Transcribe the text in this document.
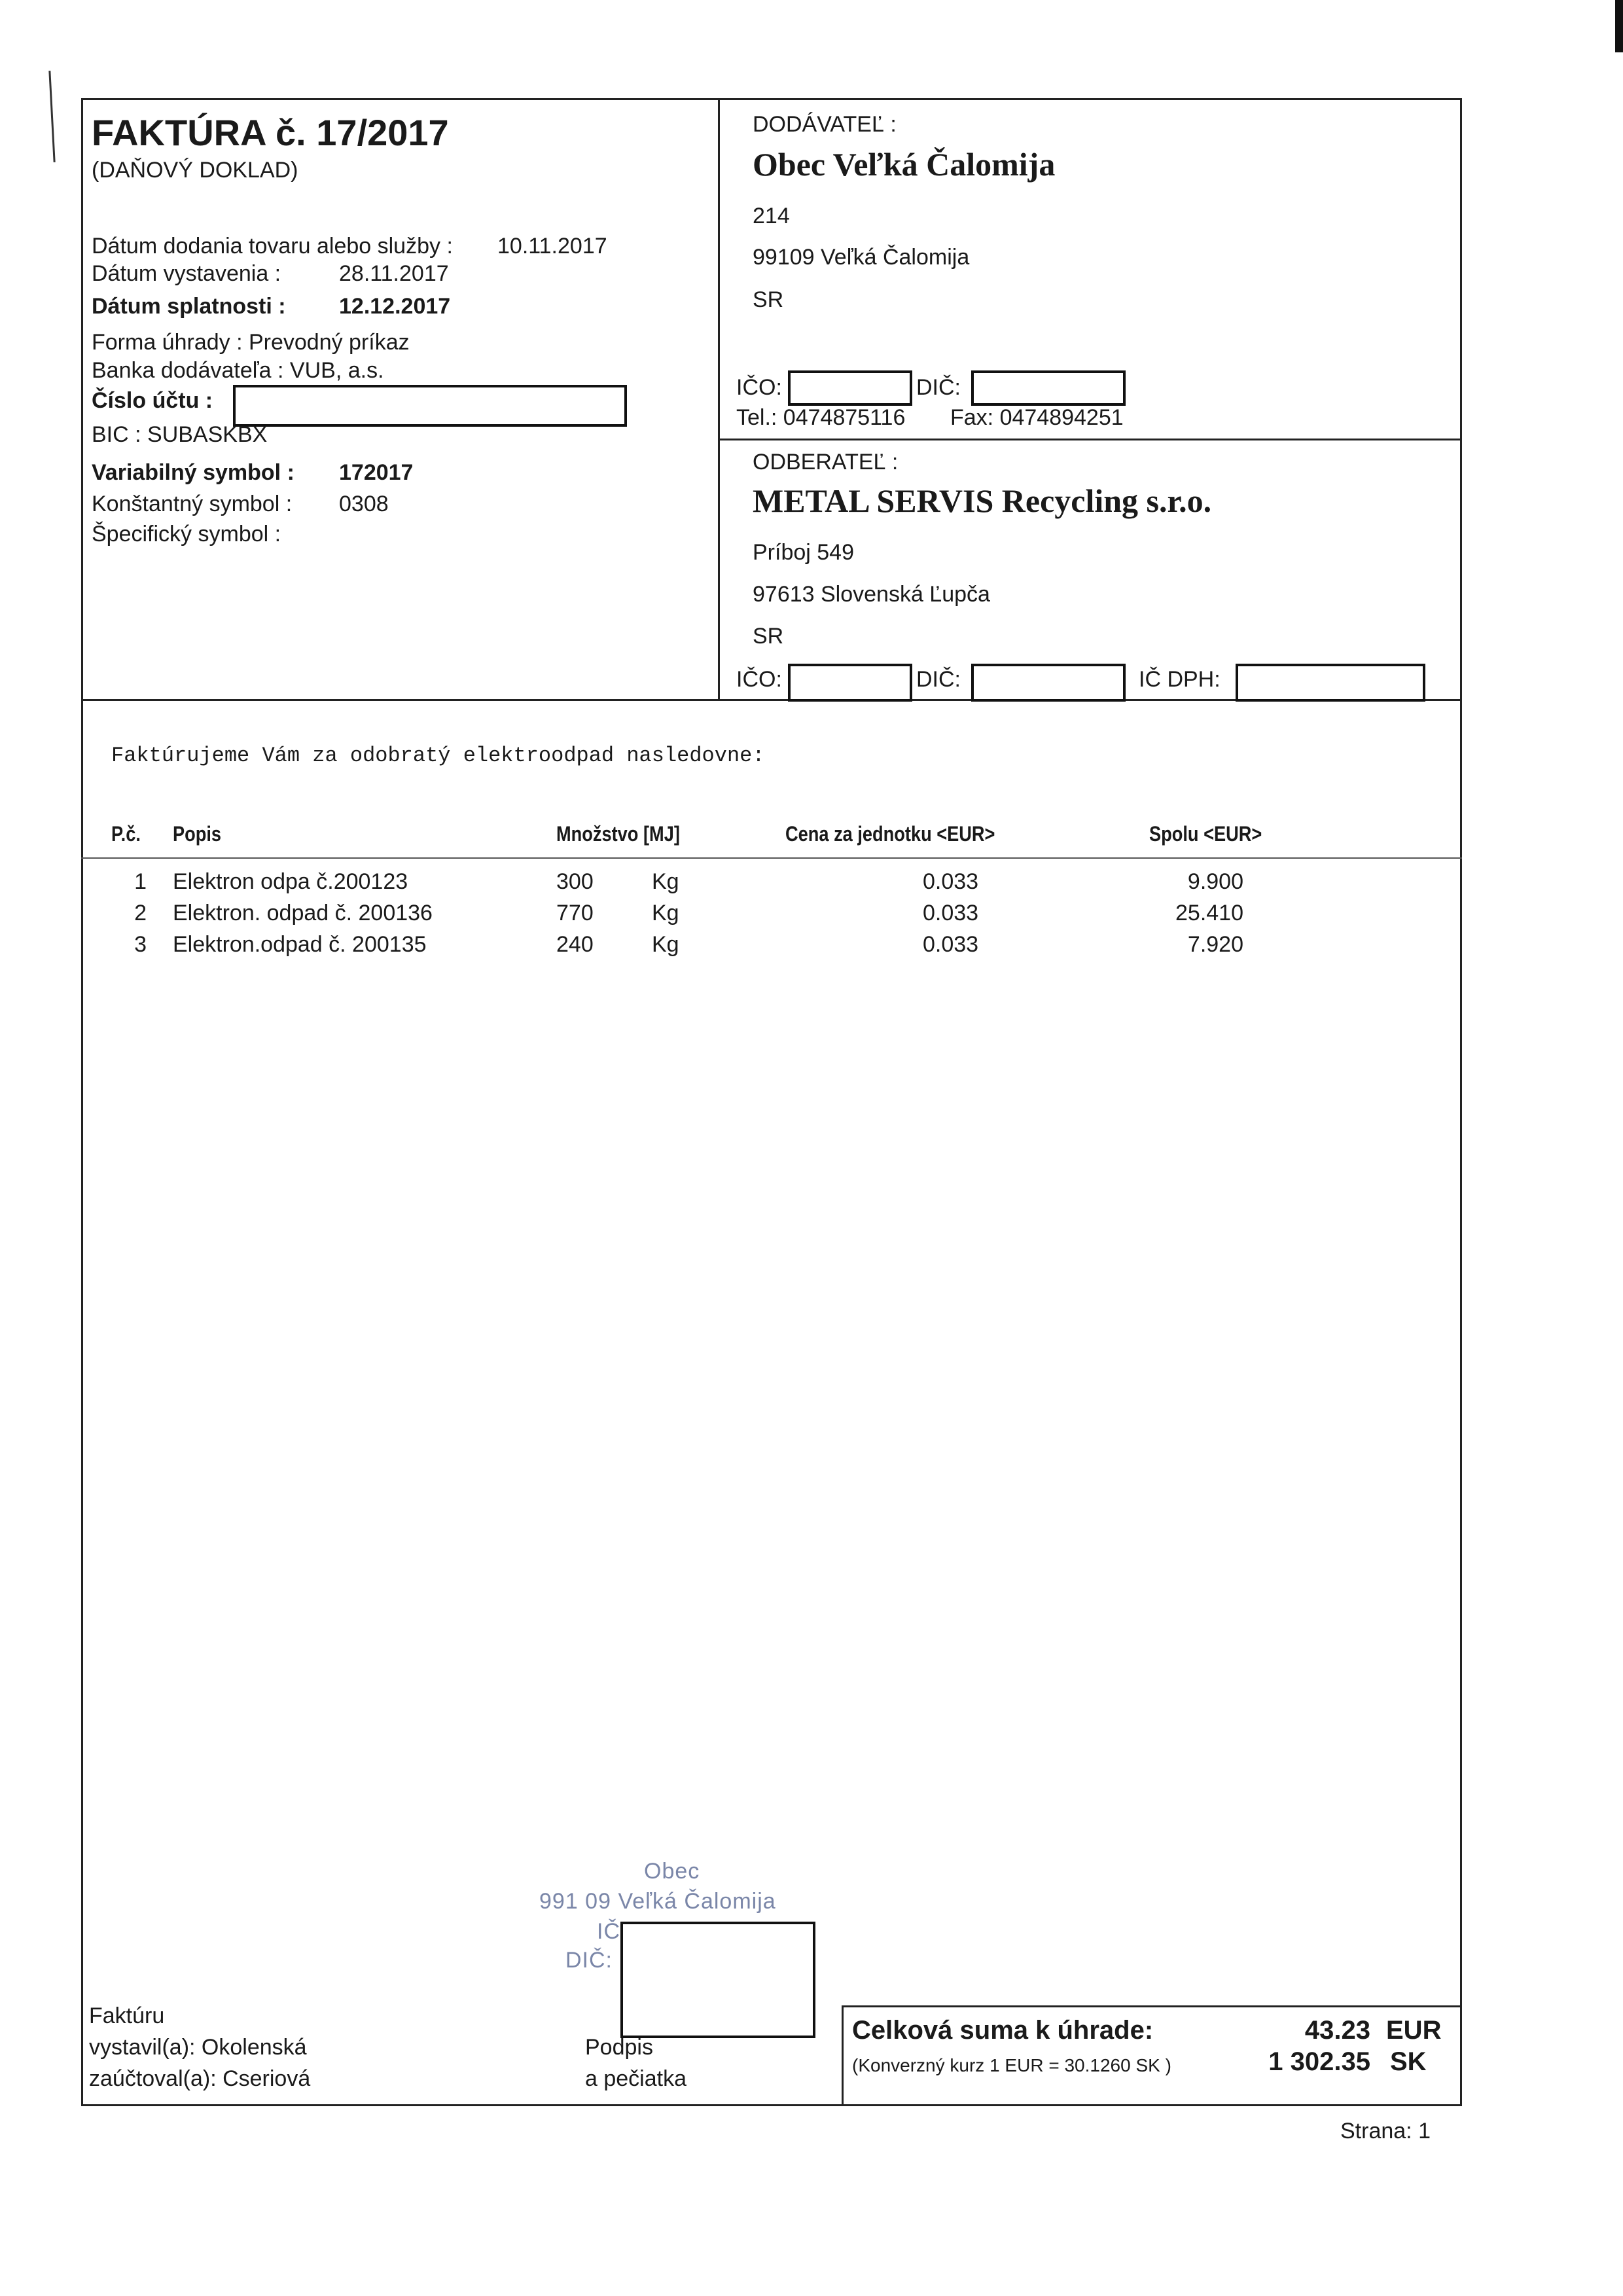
FAKTÚRA č. 17/2017
(DAŇOVÝ DOKLAD)
Dátum dodania tovaru alebo služby : 10.11.2017
Dátum vystavenia :	28.11.2017
Dátum splatnosti : 12.12.2017
Forma úhrady : Prevodný príkaz
Banka dodávateľa : VUB, a.s.
Číslo účtu :
BIC : SUBASKBX
Variabilný symbol : 172017
Konštantný symbol : 0308
Špecifický symbol :
DODÁVATEĽ :
Obec Veľká Čalomija
214
99109 Veľká Čalomija
SR
IČO:	DIČ:
Tel.: 0474875116 Fax: 0474894251
ODBERATEĽ :
METAL SERVIS Recycling s.r.o.
Príboj 549
97613 Slovenská Ľupča
SR
IČO:	DIČ:	IČ DPH:
Faktúrujeme Vám za odobratý elektroodpad nasledovne:
P.č. Popis	Množstvo [MJ]	Cena za jednotku <EUR>	Spolu <EUR>
1 Elektron odpa č.200123	300	Kg	0.033	9.900
2 Elektron. odpad č. 200136	770	Kg	0.033	25.410
3 Elektron.odpad č. 200135	240	Kg	0.033	7.920
Obec
991 09 Veľká Čalomija
IČ
DIČ:
Faktúru
vystavil(a): Okolenská
zaúčtoval(a): Cseriová
Podpis
a pečiatka
Celková suma k úhrade:
(Konverzný kurz 1 EUR = 30.1260 SK )
43.23 EUR
1 302.35 SK
Strana: 1
